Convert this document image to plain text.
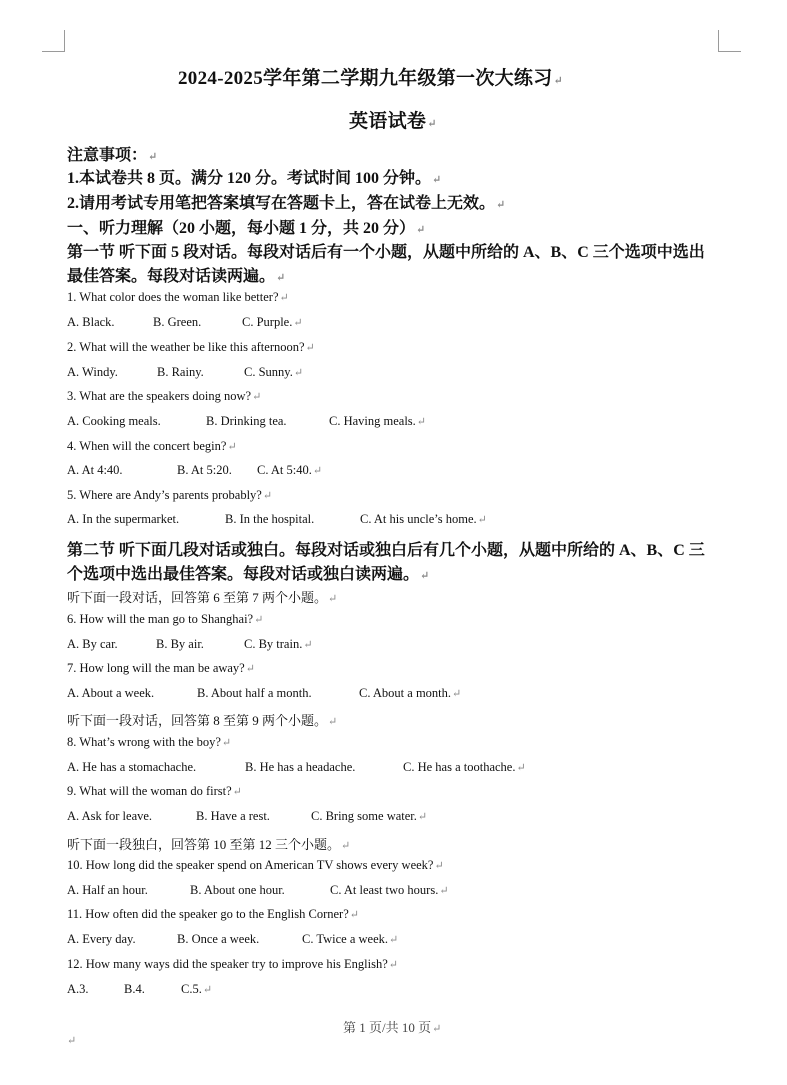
2024-2025学年第二学期九年级第一次大练习↵
英语试卷↵
注意事项：↵
1.本试卷共 8 页。满分 120 分。考试时间 100 分钟。↵
2.请用考试专用笔把答案填写在答题卡上，答在试卷上无效。↵
一、听力理解（20 小题，每小题 1 分，共 20 分）↵
第一节 听下面 5 段对话。每段对话后有一个小题，从题中所给的 A、B、C 三个选项中选出
最佳答案。每段对话读两遍。↵
1. What color does the woman like better?↵
A. Black.	B. Green.	C. Purple.↵
2. What will the weather be like this afternoon?↵
A. Windy.	B. Rainy.	C. Sunny.↵
3. What are the speakers doing now?↵
A. Cooking meals.	B. Drinking tea.	C. Having meals.↵
4. When will the concert begin?↵
A. At 4:40.	B. At 5:20. C. At 5:40.↵
5. Where are Andy’s parents probably?↵
A. In the supermarket.	B. In the hospital.	C. At his uncle’s home.↵
第二节 听下面几段对话或独白。每段对话或独白后有几个小题，从题中所给的 A、B、C 三
个选项中选出最佳答案。每段对话或独白读两遍。↵
听下面一段对话，回答第 6 至第 7 两个小题。↵
6. How will the man go to Shanghai?↵
A. By car.	B. By air.	C. By train.↵
7. How long will the man be away?↵
A. About a week.	B. About half a month.	C. About a month.↵
听下面一段对话，回答第 8 至第 9 两个小题。↵
8. What’s wrong with the boy?↵
A. He has a stomachache.	B. He has a headache.	C. He has a toothache.↵
9. What will the woman do first?↵
A. Ask for leave.	B. Have a rest.	C. Bring some water.↵
听下面一段独白，回答第 10 至第 12 三个小题。↵
10. How long did the speaker spend on American TV shows every week?↵
A. Half an hour.	B. About one hour.	C. At least two hours.↵
11. How often did the speaker go to the English Corner?↵
A. Every day.	B. Once a week.	C. Twice a week.↵
12. How many ways did the speaker try to improve his English?↵
A.3.	B.4.	C.5.↵
第 1 页/共 10 页↵
↵
